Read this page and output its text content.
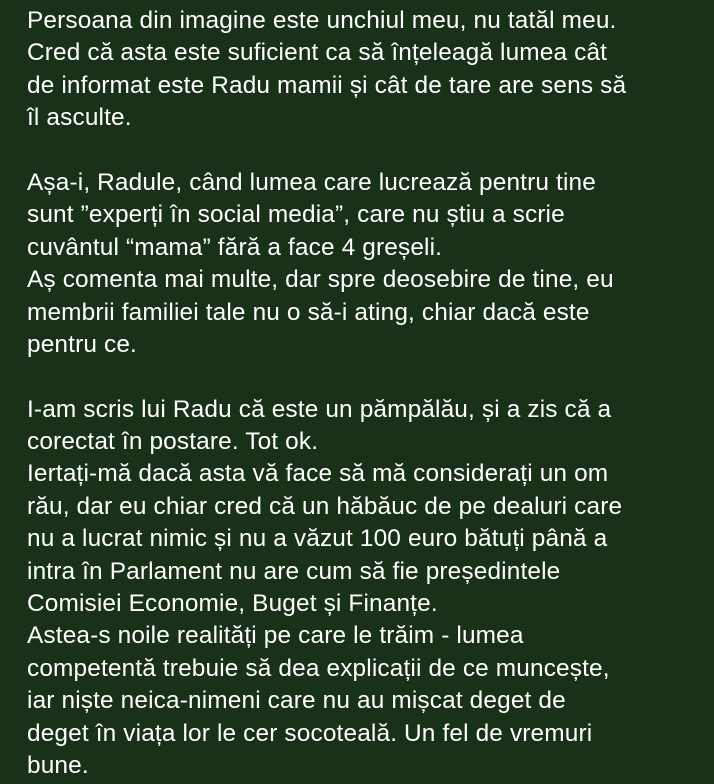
Persoana din imagine este unchiul meu, nu tatăl meu.
Cred că asta este suficient ca să înțeleagă lumea cât
de informat este Radu mamii și cât de tare are sens să
îl asculte.
Așa-i, Radule, când lumea care lucrează pentru tine
sunt ”experți în social media”, care nu știu a scrie
cuvântul “mama” fără a face 4 greșeli.
Aș comenta mai multe, dar spre deosebire de tine, eu
membrii familiei tale nu o să-i ating, chiar dacă este
pentru ce.
I-am scris lui Radu că este un pămpălău, și a zis că a
corectat în postare. Tot ok.
Iertați-mă dacă asta vă face să mă considerați un om
rău, dar eu chiar cred că un hăbăuc de pe dealuri care
nu a lucrat nimic și nu a văzut 100 euro bătuți până a
intra în Parlament nu are cum să fie președintele
Comisiei Economie, Buget și Finanțe.
Astea-s noile realități pe care le trăim - lumea
competentă trebuie să dea explicații de ce muncește,
iar niște neica-nimeni care nu au mișcat deget de
deget în viața lor le cer socoteală. Un fel de vremuri
bune.
